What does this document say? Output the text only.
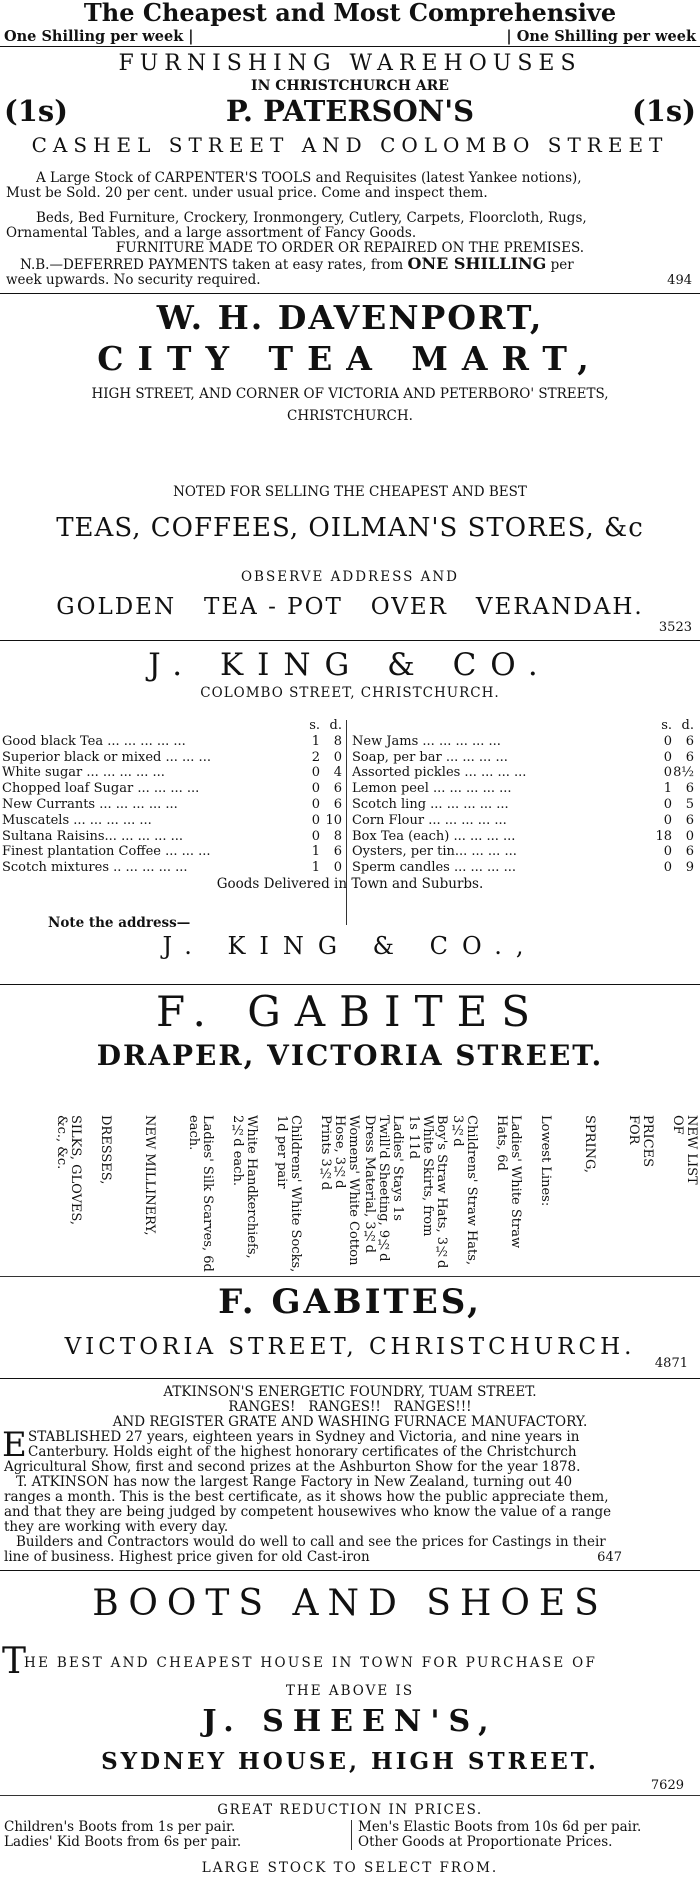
The Cheapest and Most Comprehensive
One Shilling per week |	| One Shilling per week
FURNISHING WAREHOUSES
IN CHRISTCHURCH ARE
(1s)	P. PATERSON'S	(1s)
CASHEL STREET AND COLOMBO STREET
A Large Stock of CARPENTER'S TOOLS and Requisites (latest Yankee notions),
Must be Sold. 20 per cent. under usual price. Come and inspect them.
Beds, Bed Furniture, Crockery, Ironmongery, Cutlery, Carpets, Floorcloth, Rugs,
Ornamental Tables, and a large assortment of Fancy Goods.
FURNITURE MADE TO ORDER OR REPAIRED ON THE PREMISES.
N.B.—DEFERRED PAYMENTS taken at easy rates, from ONE SHILLING per
week upwards. No security required.	494
W. H. DAVENPORT,
CITY TEA MART,
HIGH STREET, AND CORNER OF VICTORIA AND PETERBORO' STREETS,
CHRISTCHURCH.
NOTED FOR SELLING THE CHEAPEST AND BEST
TEAS, COFFEES, OILMAN'S STORES, &c
OBSERVE ADDRESS AND
GOLDEN   TEA - POT   OVER   VERANDAH.
3523
J. KING & CO.
COLOMBO STREET, CHRISTCHURCH.
s. d.
Good black Tea ... ... ... ... ...	1	8
Superior black or mixed ... ... ...	2	0
White sugar ... ... ... ... ...	0	4
Chopped loaf Sugar ... ... ... ...	0	6
New Currants ... ... ... ... ...	0	6
Muscatels ... ... ... ... ...	0 10
Sultana Raisins... ... ... ... ...	0	8
Finest plantation Coffee ... ... ...	1	6
Scotch mixtures .. ... ... ... ...	1	0
s. d.
New Jams ... ... ... ... ...	0	6
Soap, per bar ... ... ... ...	0	6
Assorted pickles ... ... ... ...	0 8½
Lemon peel ... ... ... ... ...	1	6
Scotch ling ... ... ... ... ...	0	5
Corn Flour ... ... ... ... ...	0	6
Box Tea (each) ... ... ... ...	18	0
Oysters, per tin... ... ... ...	0	6
Sperm candles ... ... ... ...	0	9
Goods Delivered in Town and Suburbs.
Note the address—
J. KING & CO.,
F. GABITES
DRAPER, VICTORIA STREET.
NEW LIST
OF
PRICES
FOR
SPRING,
Lowest Lines:
Ladies' White Straw
Hats, 6d
Childrens' Straw Hats,
3½d
Boy's Straw Hats, 3½d
White Skirts, from
1s 11d
Ladies' Stays 1s
Twill'd Sheeting, 9½d
Dress Material, 3½d
Womens' White Cotton
Hose, 3½d
Prints 3½d
Childrens' White Socks,
1d per pair
White Handkerchiefs,
2½d each.
Ladies' Silk Scarves, 6d
each.
NEW MILLINERY,
DRESSES,
SILKS, GLOVES,
&c., &c.
F. GABITES,
VICTORIA STREET, CHRISTCHURCH.
4871
ATKINSON'S ENERGETIC FOUNDRY, TUAM STREET.
RANGES!   RANGES!!   RANGES!!!
AND REGISTER GRATE AND WASHING FURNACE MANUFACTORY.
E STABLISHED 27 years, eighteen years in Sydney and Victoria, and nine years in
Canterbury. Holds eight of the highest honorary certificates of the Christchurch
Agricultural Show, first and second prizes at the Ashburton Show for the year 1878.
T. ATKINSON has now the largest Range Factory in New Zealand, turning out 40
ranges a month. This is the best certificate, as it shows how the public appreciate them,
and that they are being judged by competent housewives who know the value of a range
they are working with every day.
Builders and Contractors would do well to call and see the prices for Castings in their
line of business. Highest price given for old Cast-iron	647
BOOTS AND SHOES
T
HE BEST AND CHEAPEST HOUSE IN TOWN FOR PURCHASE OF
THE ABOVE IS
J. SHEEN'S,
SYDNEY HOUSE, HIGH STREET.
7629
GREAT REDUCTION IN PRICES.
Children's Boots from 1s per pair.
Ladies' Kid Boots from 6s per pair.
Men's Elastic Boots from 10s 6d per pair.
Other Goods at Proportionate Prices.
LARGE STOCK TO SELECT FROM.
